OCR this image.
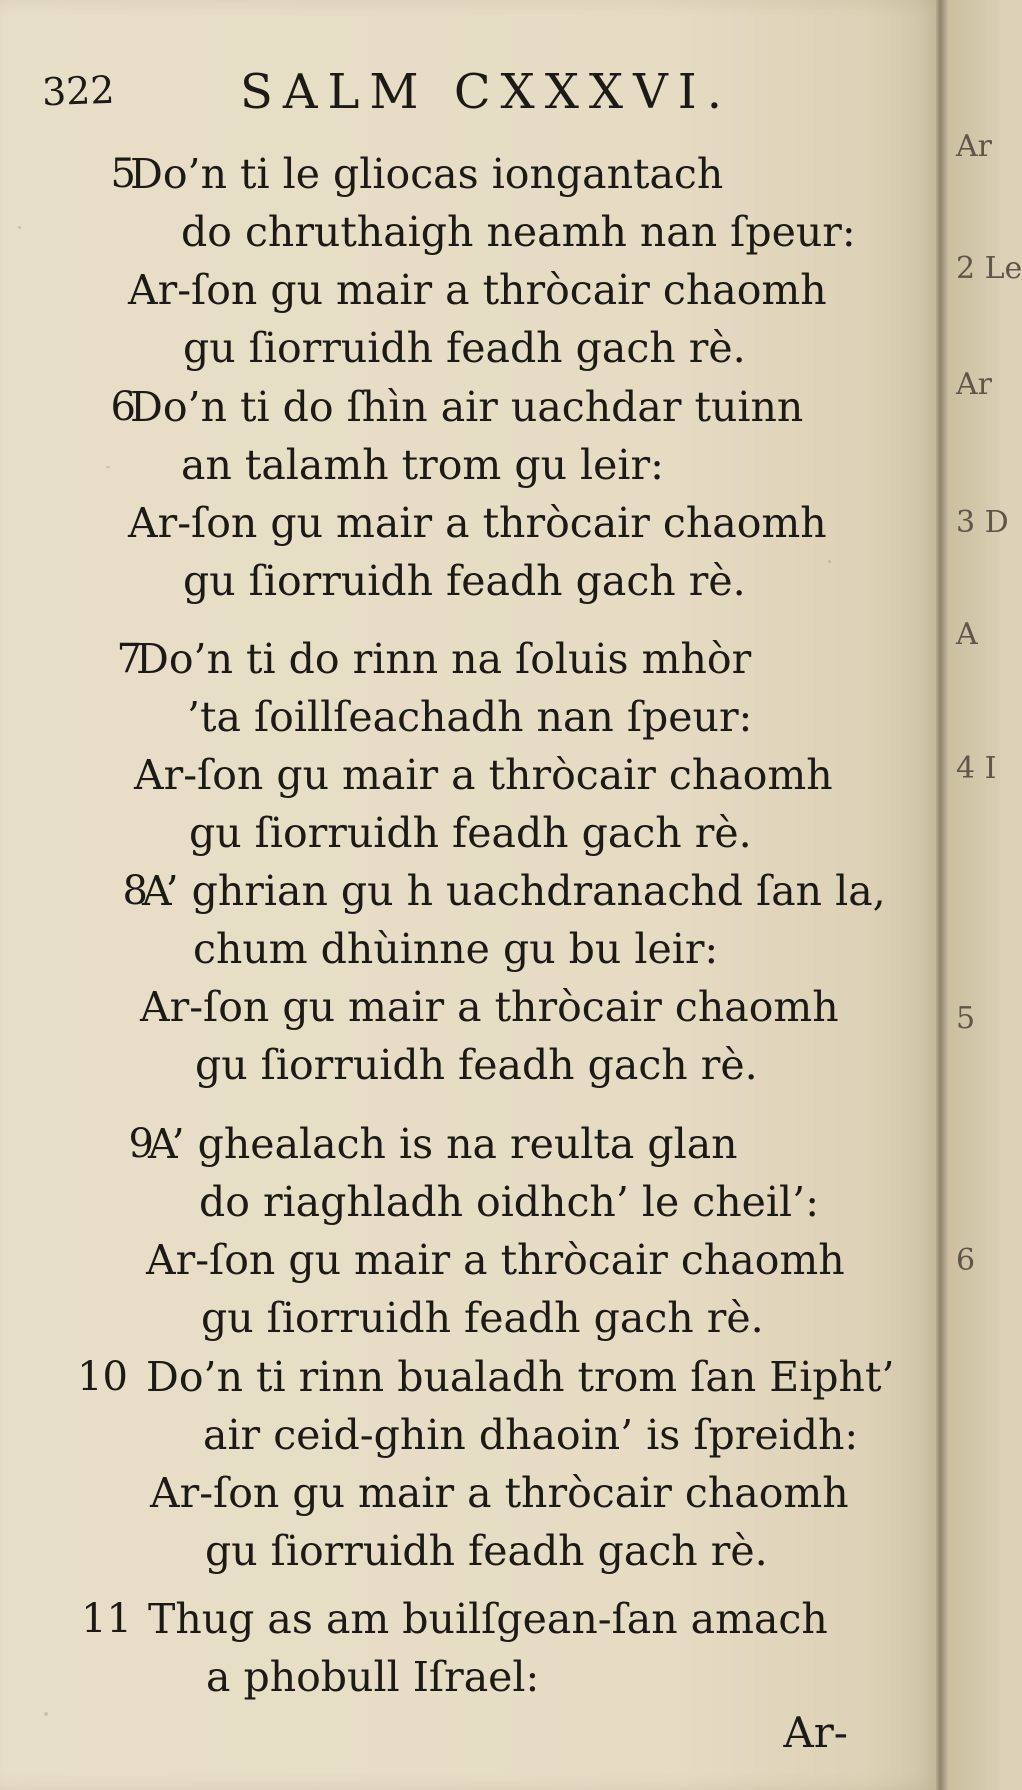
322	SALM CXXXVI.
5
Do’n ti le gliocas iongantach
do chruthaigh neamh nan ſpeur:
Ar-ſon gu mair a thròcair chaomh
gu ſiorruidh feadh gach rè.
6
Do’n ti do ſhìn air uachdar tuinn
an talamh trom gu leir:
Ar-ſon gu mair a thròcair chaomh
gu ſiorruidh feadh gach rè.
7
Do’n ti do rinn na ſoluis mhòr
’ta ſoillſeachadh nan ſpeur:
Ar-ſon gu mair a thròcair chaomh
gu ſiorruidh feadh gach rè.
8
A’ ghrian gu h uachdranachd ſan la,
chum dhùinne gu bu leir:
Ar-ſon gu mair a thròcair chaomh
gu ſiorruidh feadh gach rè.
9
A’ ghealach is na reulta glan
do riaghladh oidhch’ le cheil’:
Ar-ſon gu mair a thròcair chaomh
gu ſiorruidh feadh gach rè.
10 Do’n ti rinn bualadh trom ſan Eipht’
air ceid-ghin dhaoin’ is ſpreidh:
Ar-ſon gu mair a thròcair chaomh
gu ſiorruidh feadh gach rè.
11 Thug as am builſgean-ſan amach
a phobull Iſrael:
Ar-
Ar
2 Le
Ar
3 D
A
4 I
5
6
